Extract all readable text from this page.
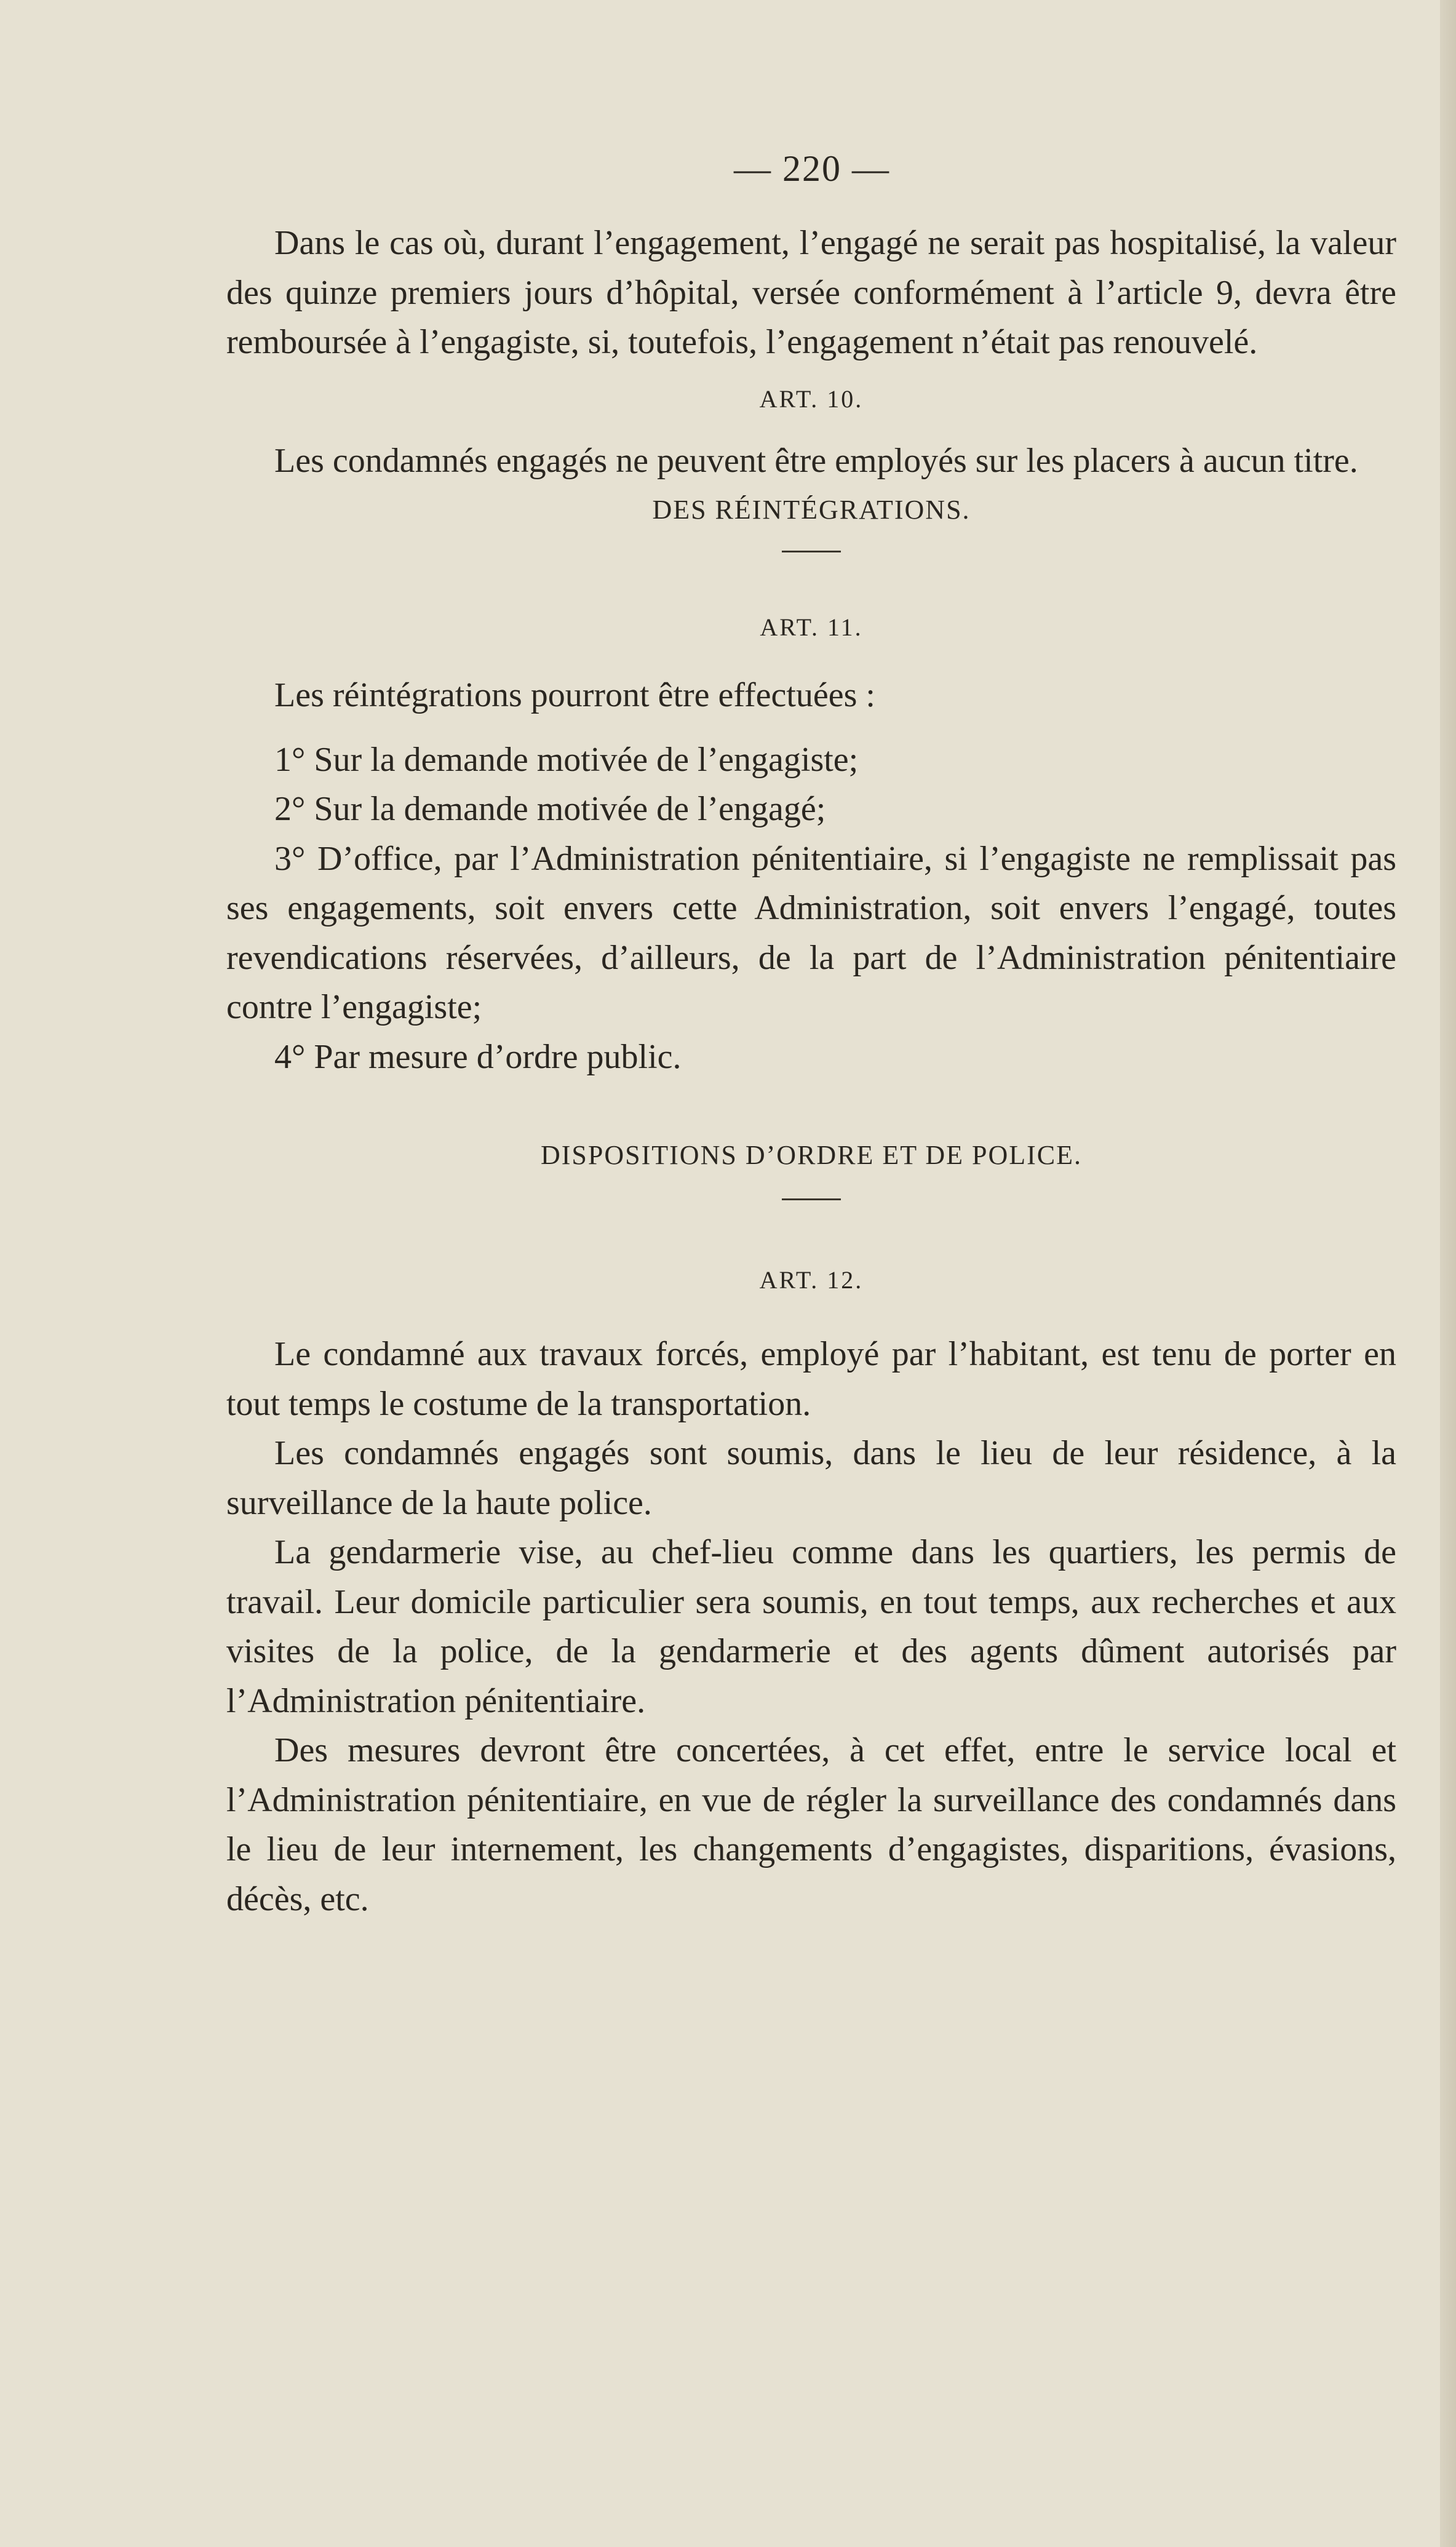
— 220 —

Dans le cas où, durant l’engagement, l’engagé ne serait pas hospitalisé, la valeur des quinze premiers jours d’hôpital, versée conformément à l’article 9, devra être remboursée à l’engagiste, si, toutefois, l’engagement n’était pas renouvelé.

ART. 10.

Les condamnés engagés ne peuvent être employés sur les placers à aucun titre.

DES RÉINTÉGRATIONS.

ART. 11.

Les réintégrations pourront être effectuées :

1° Sur la demande motivée de l’engagiste;

2° Sur la demande motivée de l’engagé;

3° D’office, par l’Administration pénitentiaire, si l’engagiste ne remplissait pas ses engagements, soit envers cette Administration, soit envers l’engagé, toutes revendications réservées, d’ailleurs, de la part de l’Administration pénitentiaire contre l’engagiste;

4° Par mesure d’ordre public.

DISPOSITIONS D’ORDRE ET DE POLICE.

ART. 12.

Le condamné aux travaux forcés, employé par l’habitant, est tenu de porter en tout temps le costume de la transportation.

Les condamnés engagés sont soumis, dans le lieu de leur résidence, à la surveillance de la haute police.

La gendarmerie vise, au chef-lieu comme dans les quartiers, les permis de travail. Leur domicile particulier sera soumis, en tout temps, aux recherches et aux visites de la police, de la gendarmerie et des agents dûment autorisés par l’Administration pénitentiaire.

Des mesures devront être concertées, à cet effet, entre le service local et l’Administration pénitentiaire, en vue de régler la surveillance des condamnés dans le lieu de leur internement, les changements d’engagistes, disparitions, évasions, décès, etc.
